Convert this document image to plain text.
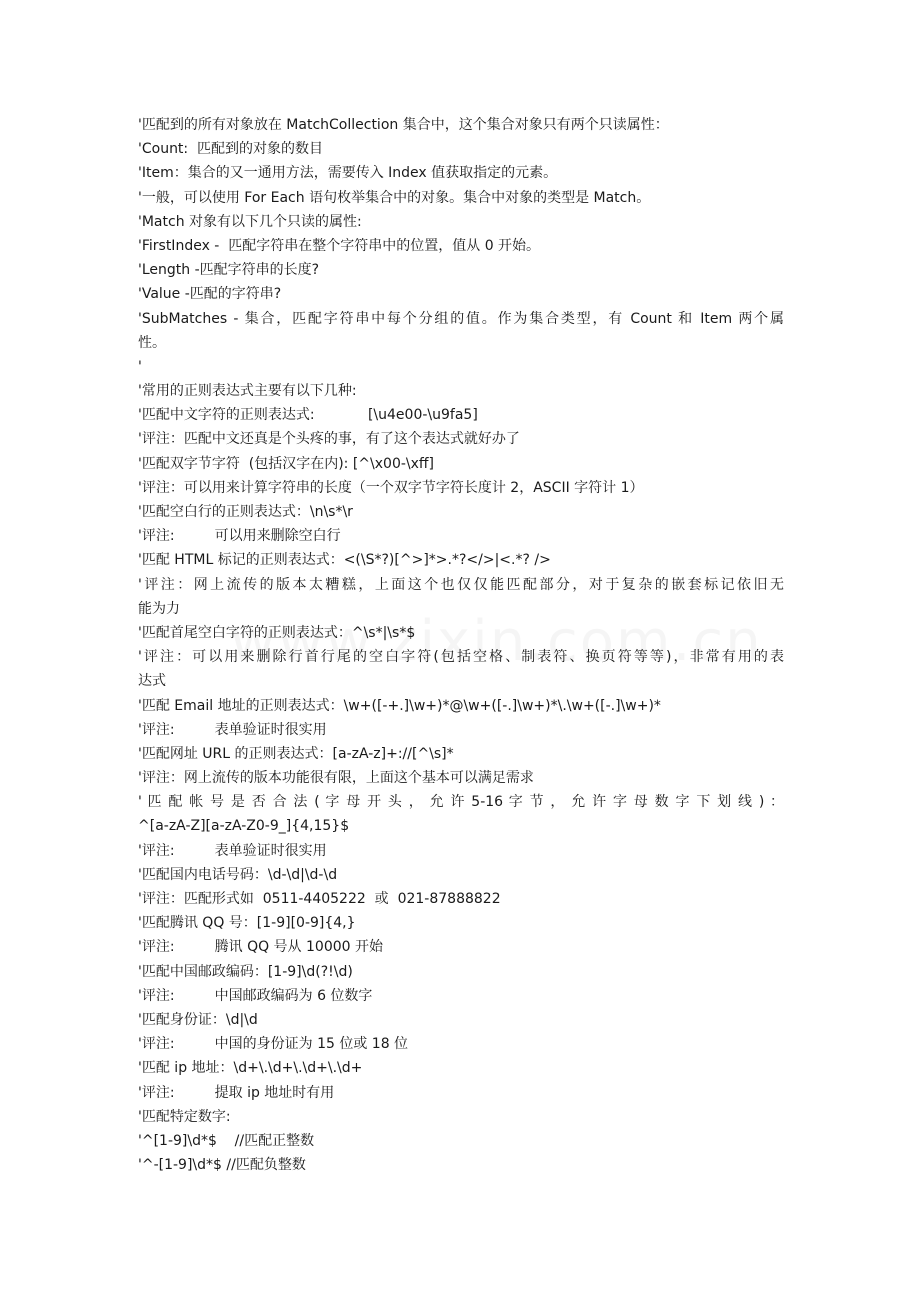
'匹配到的所有对象放在 MatchCollection 集合中，这个集合对象只有两个只读属性：
'Count:  匹配到的对象的数目
'Item：集合的又一通用方法，需要传入 Index 值获取指定的元素。
'一般，可以使用 For Each 语句枚举集合中的对象。集合中对象的类型是 Match。
'Match 对象有以下几个只读的属性:
'FirstIndex -  匹配字符串在整个字符串中的位置，值从 0 开始。
'Length -匹配字符串的长度?
'Value -匹配的字符串?
'SubMatches - 集合，匹配字符串中每个分组的值。作为集合类型，有 Count 和 Item 两个属
性。
'
'常用的正则表达式主要有以下几种:
'匹配中文字符的正则表达式:            [\u4e00-\u9fa5]
'评注：匹配中文还真是个头疼的事，有了这个表达式就好办了
'匹配双字节字符  (包括汉字在内): [^\x00-\xff]
'评注：可以用来计算字符串的长度（一个双字节字符长度计 2，ASCII 字符计 1）
'匹配空白行的正则表达式：\n\s*\r
'评注:         可以用来删除空白行
'匹配 HTML 标记的正则表达式：<(\S*?)[^>]*>.*?</>|<.*? />
'评注：网上流传的版本太糟糕，上面这个也仅仅能匹配部分，对于复杂的嵌套标记依旧无
能为力
'匹配首尾空白字符的正则表达式：^\s*|\s*$
'评注：可以用来删除行首行尾的空白字符(包括空格、制表符、换页符等等)，非常有用的表
达式
'匹配 Email 地址的正则表达式：\w+([-+.]\w+)*@\w+([-.]\w+)*\.\w+([-.]\w+)*
'评注:         表单验证时很实用
'匹配网址 URL 的正则表达式：[a-zA-z]+://[^\s]*
'评注：网上流传的版本功能很有限，上面这个基本可以满足需求
' 匹 配 帐 号 是 否 合 法 ( 字 母 开 头 ， 允 许 5-16 字 节 ， 允 许 字 母 数 字 下 划 线 ) ：
^[a-zA-Z][a-zA-Z0-9_]{4,15}$
'评注:         表单验证时很实用
'匹配国内电话号码：\d-\d|\d-\d
'评注：匹配形式如  0511-4405222  或  021-87888822
'匹配腾讯 QQ 号：[1-9][0-9]{4,}
'评注:         腾讯 QQ 号从 10000 开始
'匹配中国邮政编码：[1-9]\d(?!\d)
'评注:         中国邮政编码为 6 位数字
'匹配身份证：\d|\d
'评注:         中国的身份证为 15 位或 18 位
'匹配 ip 地址：\d+\.\d+\.\d+\.\d+
'评注:         提取 ip 地址时有用
'匹配特定数字:
'^[1-9]\d*$    //匹配正整数
'^-[1-9]\d*$ //匹配负整数
